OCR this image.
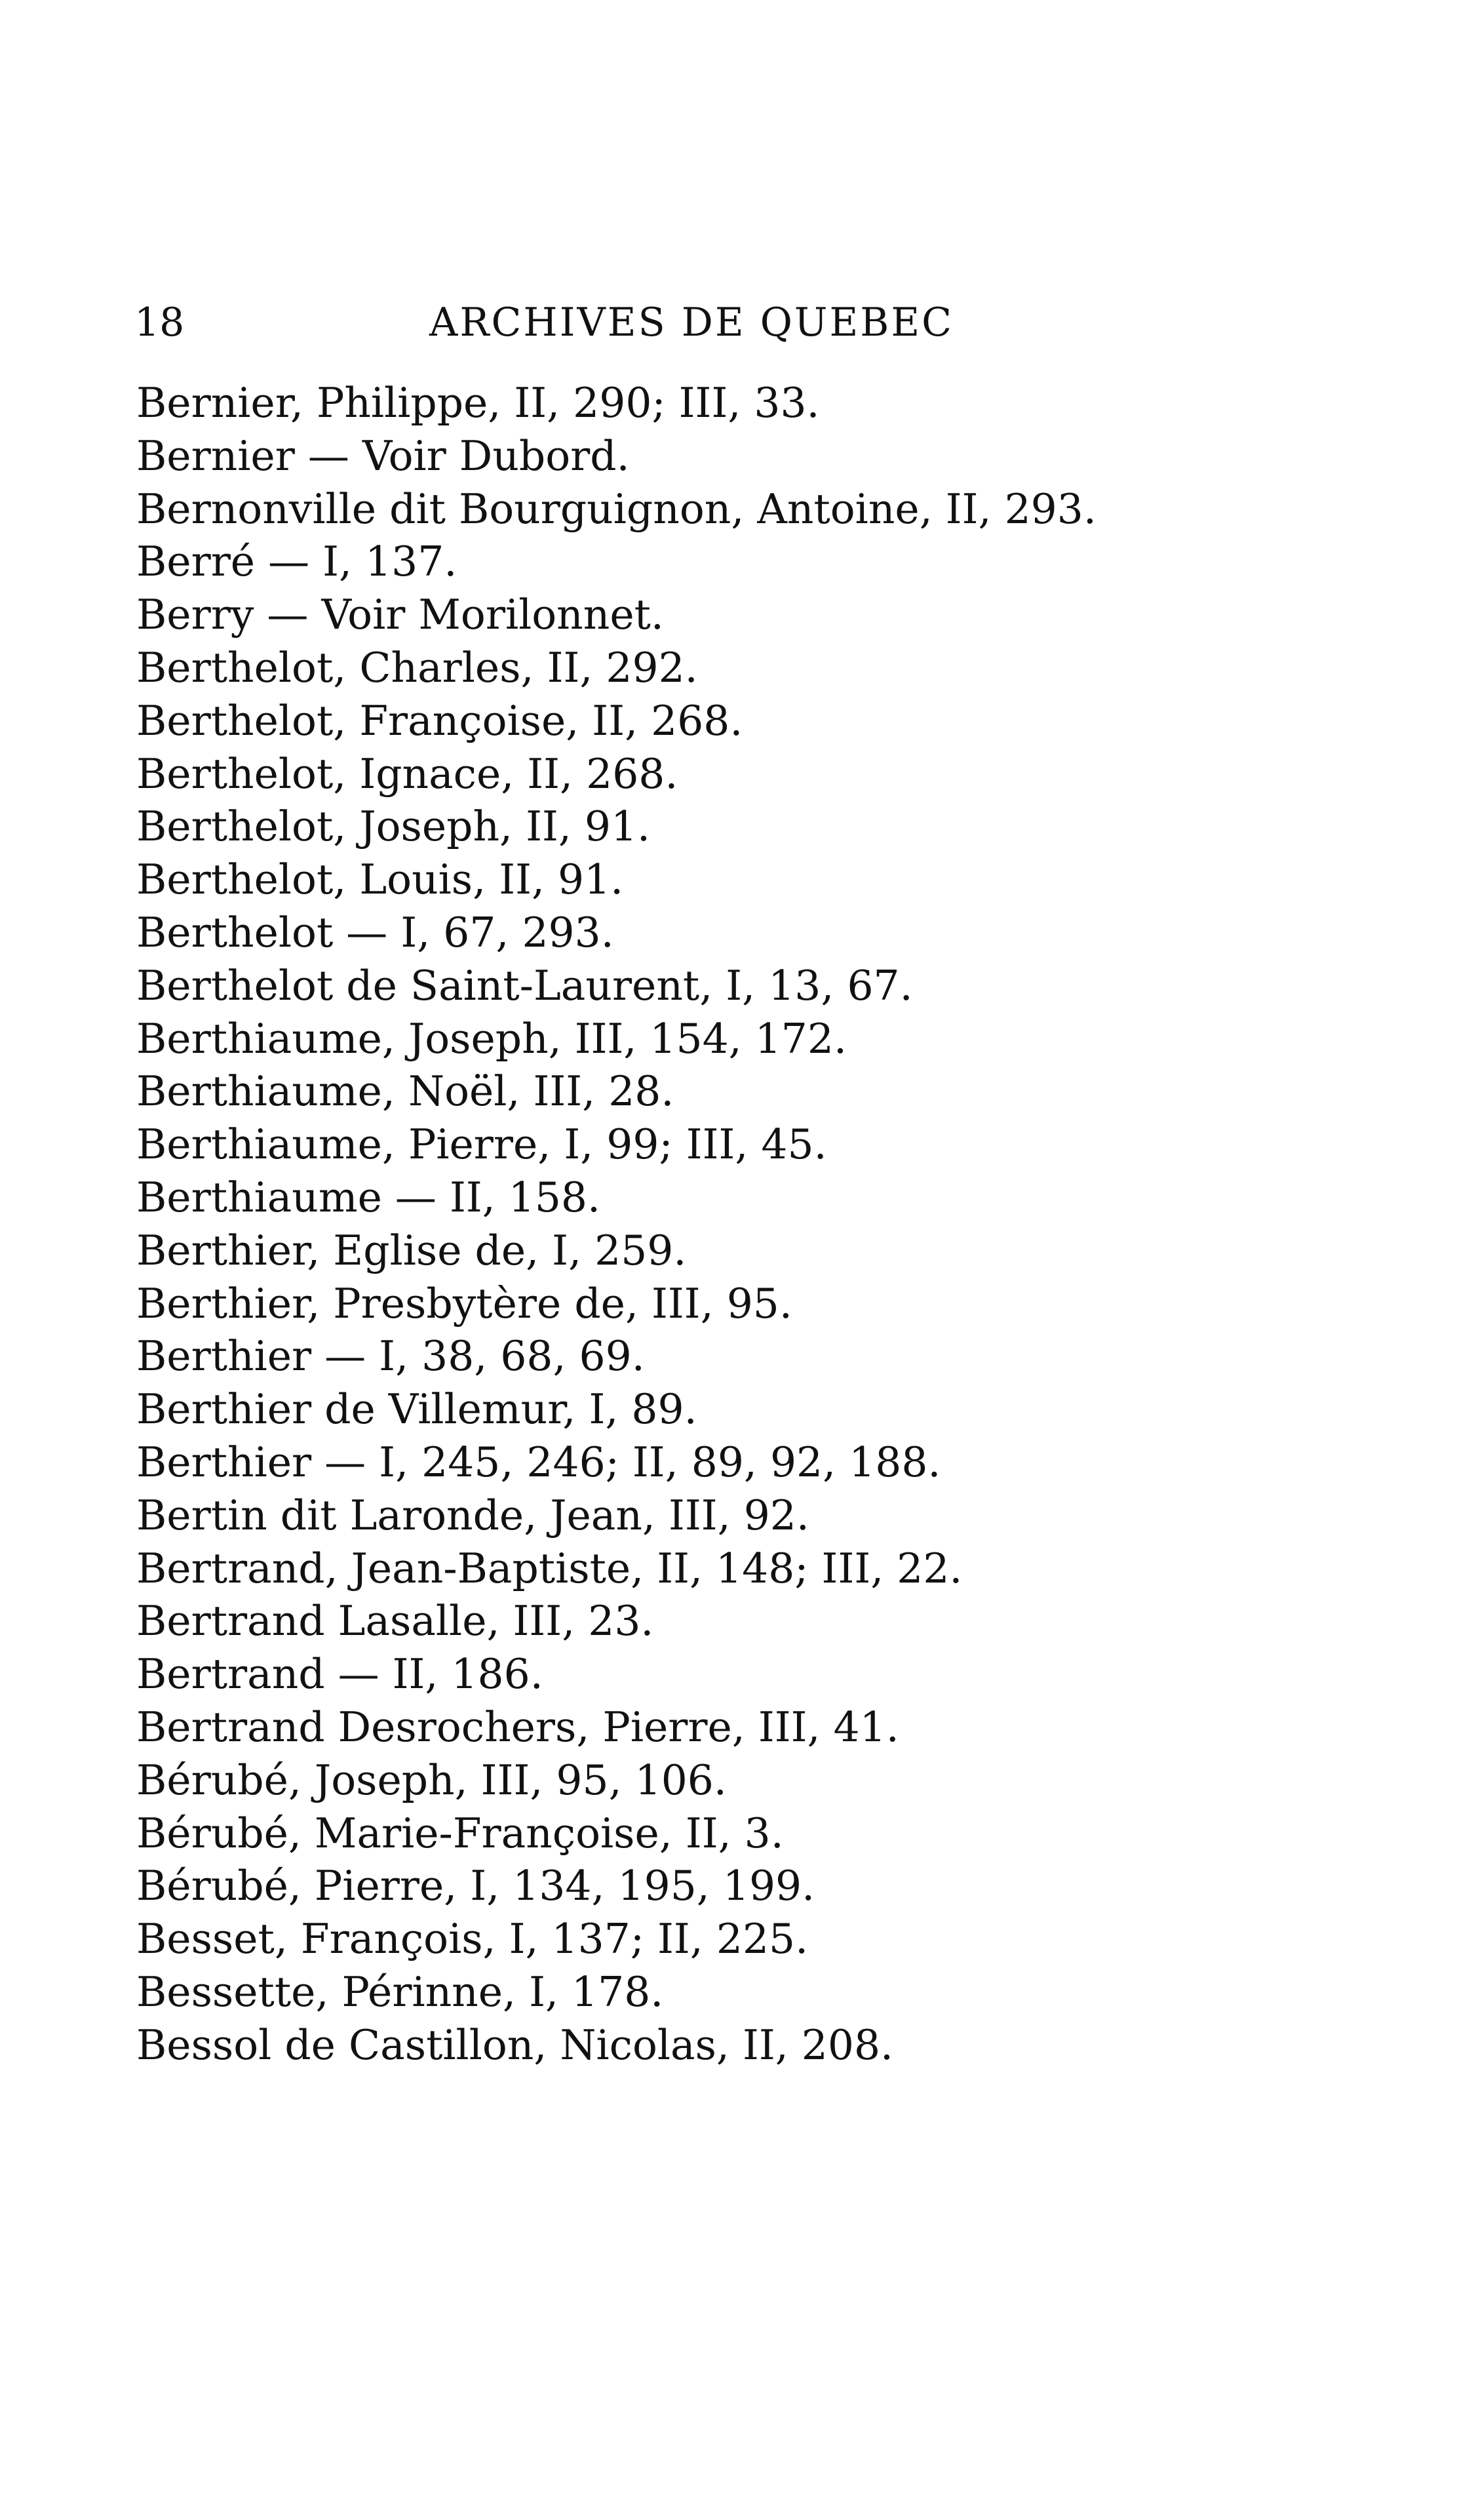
18	ARCHIVES DE QUEBEC
Bernier, Philippe, II, 290; III, 33.
Bernier — Voir Dubord.
Bernonville dit Bourguignon, Antoine, II, 293.
Berré — I, 137.
Berry — Voir Morilonnet.
Berthelot, Charles, II, 292.
Berthelot, Françoise, II, 268.
Berthelot, Ignace, II, 268.
Berthelot, Joseph, II, 91.
Berthelot, Louis, II, 91.
Berthelot — I, 67, 293.
Berthelot de Saint-Laurent, I, 13, 67.
Berthiaume, Joseph, III, 154, 172.
Berthiaume, Noël, III, 28.
Berthiaume, Pierre, I, 99; III, 45.
Berthiaume — II, 158.
Berthier, Eglise de, I, 259.
Berthier, Presbytère de, III, 95.
Berthier — I, 38, 68, 69.
Berthier de Villemur, I, 89.
Berthier — I, 245, 246; II, 89, 92, 188.
Bertin dit Laronde, Jean, III, 92.
Bertrand, Jean-Baptiste, II, 148; III, 22.
Bertrand Lasalle, III, 23.
Bertrand — II, 186.
Bertrand Desrochers, Pierre, III, 41.
Bérubé, Joseph, III, 95, 106.
Bérubé, Marie-Françoise, II, 3.
Bérubé, Pierre, I, 134, 195, 199.
Besset, François, I, 137; II, 225.
Bessette, Périnne, I, 178.
Bessol de Castillon, Nicolas, II, 208.
